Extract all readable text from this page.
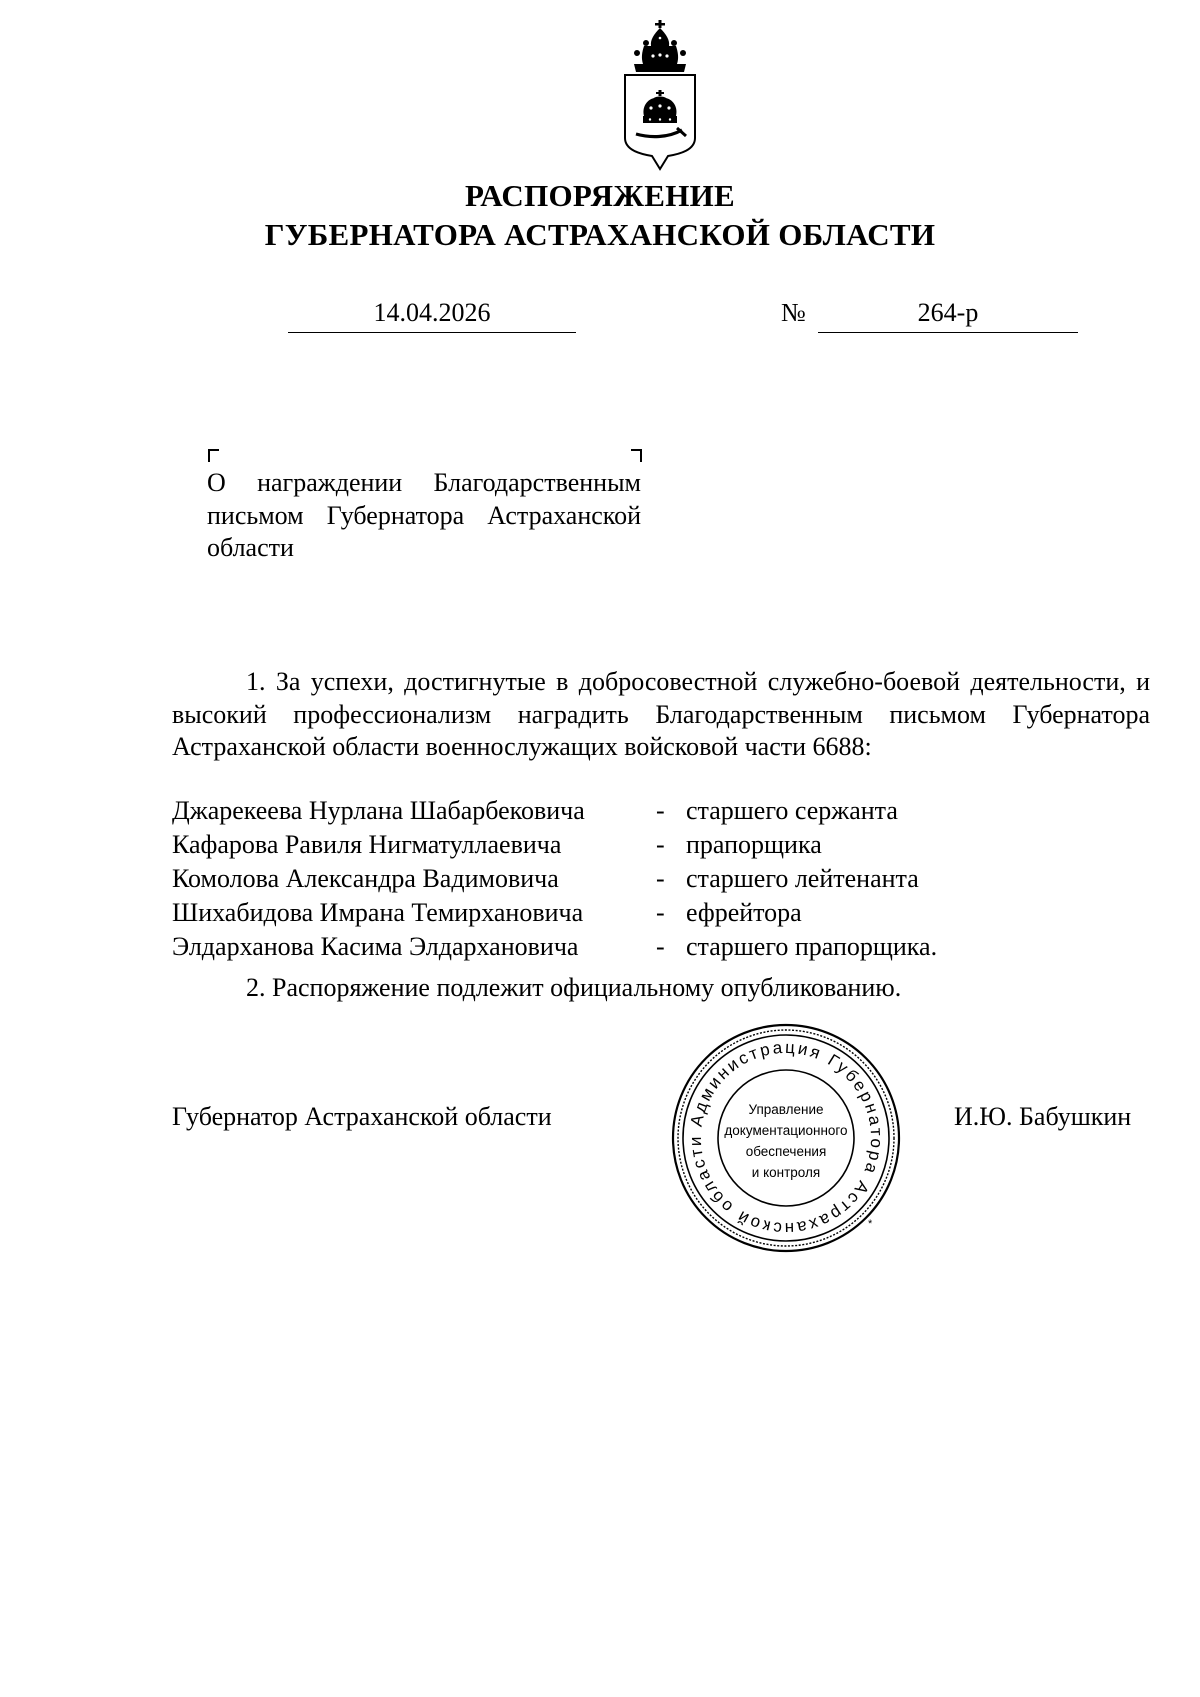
РАСПОРЯЖЕНИЕ
ГУБЕРНАТОРА АСТРАХАНСКОЙ ОБЛАСТИ
14.04.2026	№	264-р

О награждении Благодарственным письмом Губернатора Астраханской области

1. За успехи, достигнутые в добросовестной служебно-боевой деятельности, и высокий профессионализм наградить Благодарственным письмом Губернатора Астраханской области военнослужащих войсковой части 6688:

Джарекеева Нурлана Шабарбековича	- старшего сержанта
Кафарова Равиля Нигматуллаевича	- прапорщика
Комолова Александра Вадимовича	- старшего лейтенанта
Шихабидова Имрана Темирхановича	- ефрейтора
Элдарханова Касима Элдархановича	- старшего прапорщика.

2. Распоряжение подлежит официальному опубликованию.

Губернатор Астраханской области	И.Ю. Бабушкин
Администрация Губернатора Астраханской области
*
Управление
документационного
обеспечения
и контроля
